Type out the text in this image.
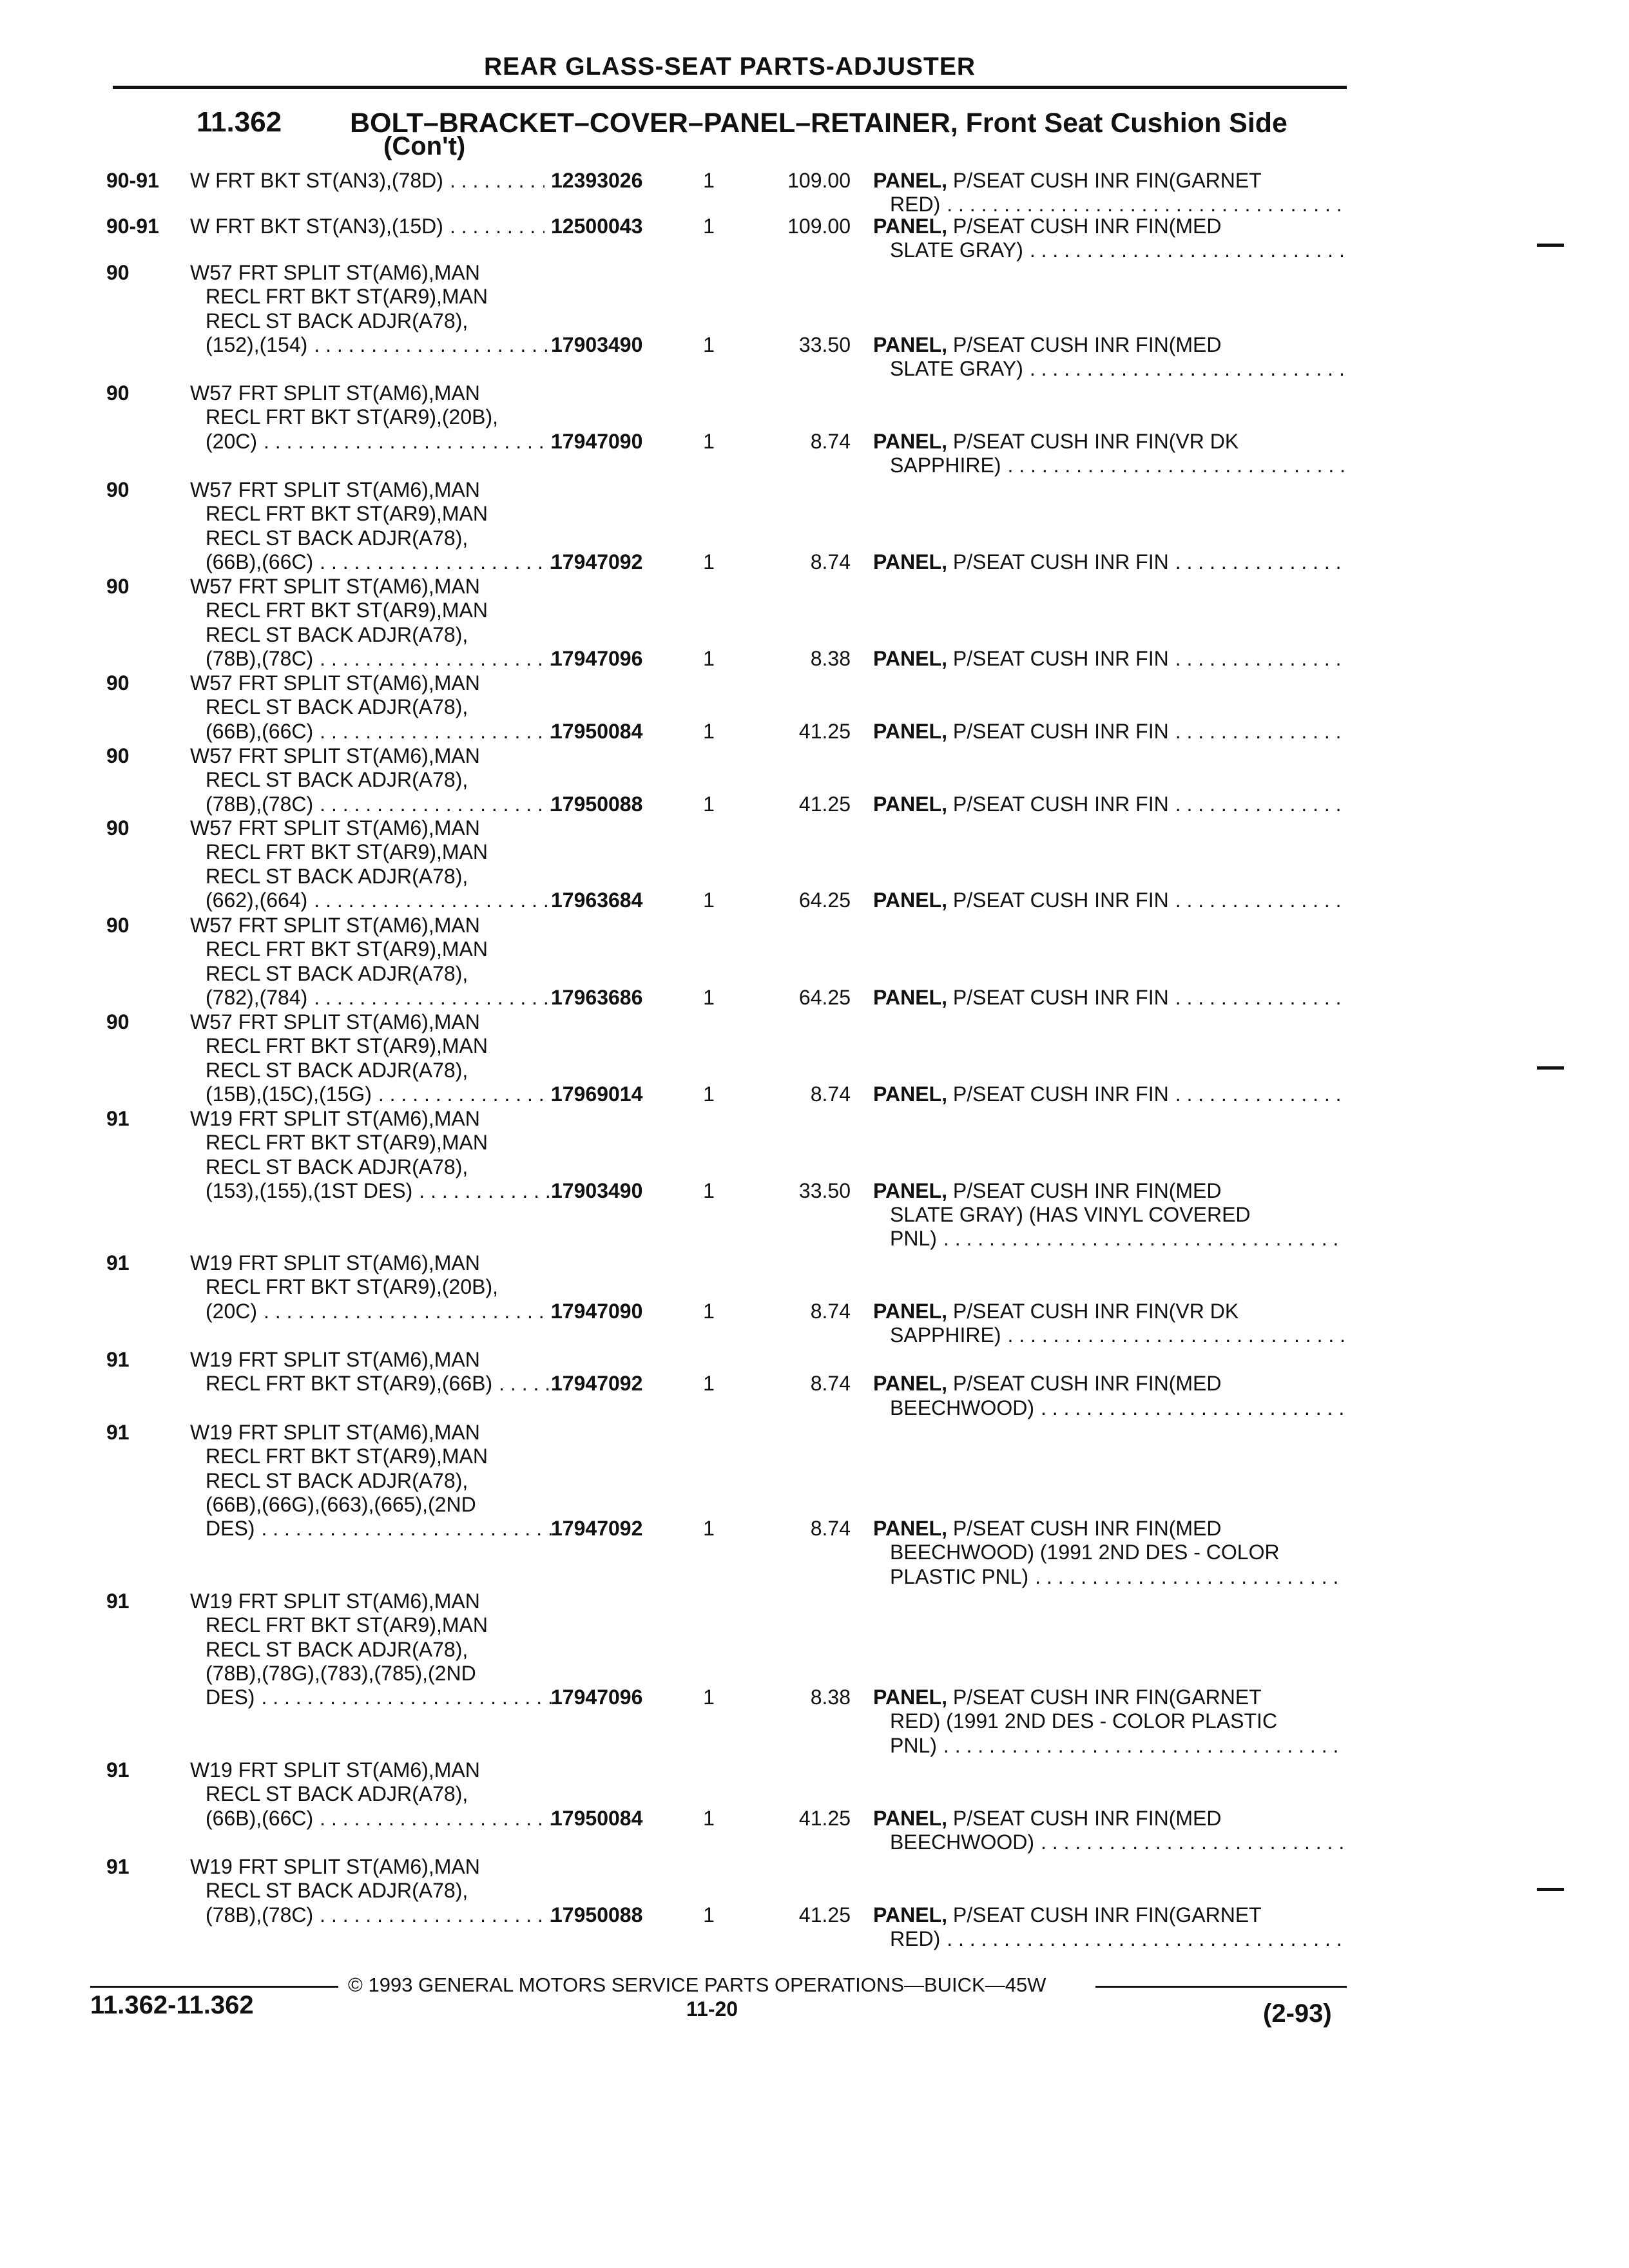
REAR GLASS-SEAT PARTS-ADJUSTER
11.362 BOLT–BRACKET–COVER–PANEL–RETAINER, Front Seat Cushion Side
(Con't)
90-91 W FRT BKT ST(AN3),(78D) . . .	12393026	1	109.00 PANEL, P/SEAT CUSH INR FIN(GARNET
RED)
. . .
90-91 W FRT BKT ST(AN3),(15D) . . .	12500043	1	109.00 PANEL, P/SEAT CUSH INR FIN(MED
SLATE GRAY)
. . .
90	W57 FRT SPLIT ST(AM6),MAN
RECL FRT BKT ST(AR9),MAN
RECL ST BACK ADJR(A78),
(152),(154) . . .	17903490	1	33.50 PANEL, P/SEAT CUSH INR FIN(MED
SLATE GRAY)
. . .
90	W57 FRT SPLIT ST(AM6),MAN
RECL FRT BKT ST(AR9),(20B),
(20C) . . .	17947090	1	8.74 PANEL, P/SEAT CUSH INR FIN(VR DK
SAPPHIRE)
. . .
90	W57 FRT SPLIT ST(AM6),MAN
RECL FRT BKT ST(AR9),MAN
RECL ST BACK ADJR(A78),
(66B),(66C) . . .	17947092	1	8.74 PANEL, P/SEAT CUSH INR FIN
. . .
90	W57 FRT SPLIT ST(AM6),MAN
RECL FRT BKT ST(AR9),MAN
RECL ST BACK ADJR(A78),
(78B),(78C) . . .	17947096	1	8.38 PANEL, P/SEAT CUSH INR FIN
. . .
90	W57 FRT SPLIT ST(AM6),MAN
RECL ST BACK ADJR(A78),
(66B),(66C) . . .	17950084	1	41.25 PANEL, P/SEAT CUSH INR FIN
. . .
90	W57 FRT SPLIT ST(AM6),MAN
RECL ST BACK ADJR(A78),
(78B),(78C) . . .	17950088	1	41.25 PANEL, P/SEAT CUSH INR FIN
. . .
90	W57 FRT SPLIT ST(AM6),MAN
RECL FRT BKT ST(AR9),MAN
RECL ST BACK ADJR(A78),
(662),(664) . . .	17963684	1	64.25 PANEL, P/SEAT CUSH INR FIN
. . .
90	W57 FRT SPLIT ST(AM6),MAN
RECL FRT BKT ST(AR9),MAN
RECL ST BACK ADJR(A78),
(782),(784) . . .	17963686	1	64.25 PANEL, P/SEAT CUSH INR FIN
. . .
90	W57 FRT SPLIT ST(AM6),MAN
RECL FRT BKT ST(AR9),MAN
RECL ST BACK ADJR(A78),
(15B),(15C),(15G) . . .	17969014	1	8.74 PANEL, P/SEAT CUSH INR FIN
. . .
91	W19 FRT SPLIT ST(AM6),MAN
RECL FRT BKT ST(AR9),MAN
RECL ST BACK ADJR(A78),
(153),(155),(1ST DES) . . .	17903490	1	33.50 PANEL, P/SEAT CUSH INR FIN(MED
SLATE GRAY) (HAS VINYL COVERED
PNL)
. . .
91	W19 FRT SPLIT ST(AM6),MAN
RECL FRT BKT ST(AR9),(20B),
(20C) . . .	17947090	1	8.74 PANEL, P/SEAT CUSH INR FIN(VR DK
SAPPHIRE)
. . .
91	W19 FRT SPLIT ST(AM6),MAN
RECL FRT BKT ST(AR9),(66B) . . .	17947092	1	8.74 PANEL, P/SEAT CUSH INR FIN(MED
BEECHWOOD)
. . .
91	W19 FRT SPLIT ST(AM6),MAN
RECL FRT BKT ST(AR9),MAN
RECL ST BACK ADJR(A78),
(66B),(66G),(663),(665),(2ND
DES) . . .	17947092	1	8.74 PANEL, P/SEAT CUSH INR FIN(MED
BEECHWOOD) (1991 2ND DES - COLOR
PLASTIC PNL)
. . .
91	W19 FRT SPLIT ST(AM6),MAN
RECL FRT BKT ST(AR9),MAN
RECL ST BACK ADJR(A78),
(78B),(78G),(783),(785),(2ND
DES) . . .	17947096	1	8.38 PANEL, P/SEAT CUSH INR FIN(GARNET
RED) (1991 2ND DES - COLOR PLASTIC
PNL)
. . .
91	W19 FRT SPLIT ST(AM6),MAN
RECL ST BACK ADJR(A78),
(66B),(66C) . . .	17950084	1	41.25 PANEL, P/SEAT CUSH INR FIN(MED
BEECHWOOD)
. . .
91	W19 FRT SPLIT ST(AM6),MAN
RECL ST BACK ADJR(A78),
(78B),(78C) . . .	17950088	1	41.25 PANEL, P/SEAT CUSH INR FIN(GARNET
RED)
. . .
© 1993 GENERAL MOTORS SERVICE PARTS OPERATIONS—BUICK—45W
11.362-11.362	11-20	(2-93)
